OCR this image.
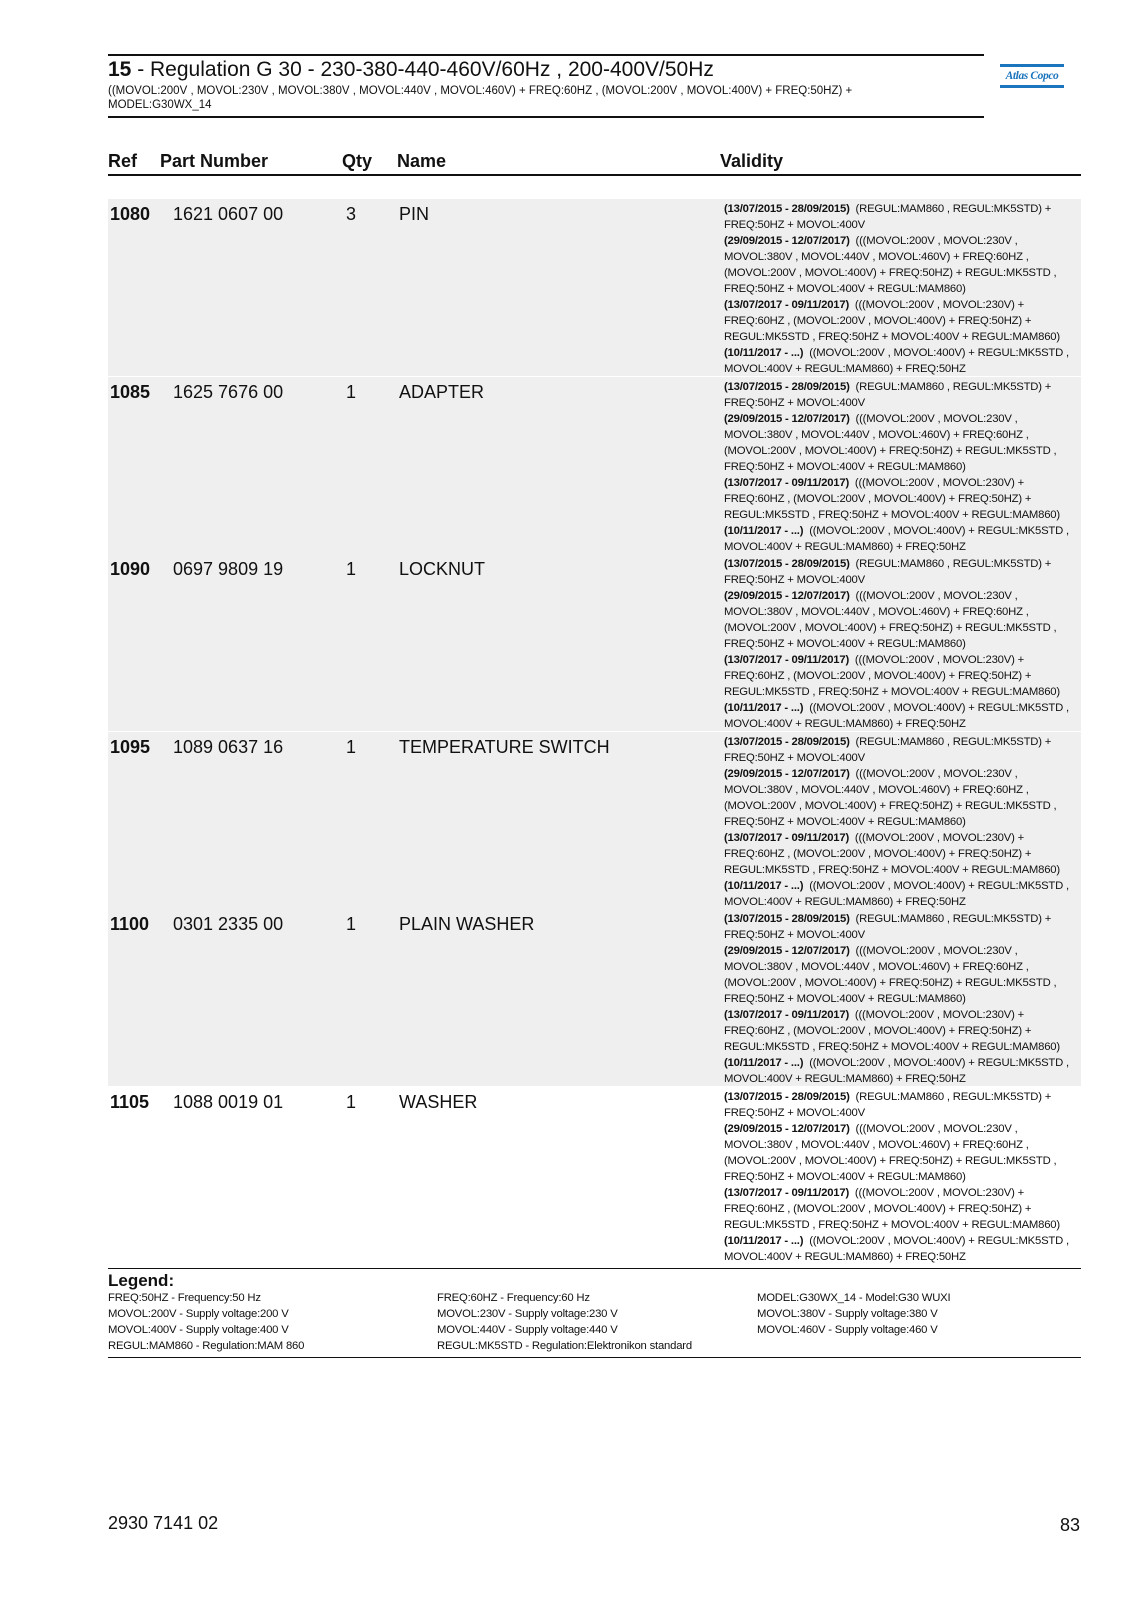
15 - Regulation G 30 - 230-380-440-460V/60Hz , 200-400V/50Hz
((MOVOL:200V , MOVOL:230V , MOVOL:380V , MOVOL:440V , MOVOL:460V) + FREQ:60HZ , (MOVOL:200V , MOVOL:400V) + FREQ:50HZ) + MODEL:G30WX_14
Atlas Copco
Ref Part Number	Qty Name	Validity
1080 1621 0607 00	3 PIN	(13/07/2015 - 28/09/2015) (REGUL:MAM860 , REGUL:MK5STD) + FREQ:50HZ + MOVOL:400V
(29/09/2015 - 12/07/2017) (((MOVOL:200V , MOVOL:230V , MOVOL:380V , MOVOL:440V , MOVOL:460V) + FREQ:60HZ , (MOVOL:200V , MOVOL:400V) + FREQ:50HZ) + REGUL:MK5STD , FREQ:50HZ + MOVOL:400V + REGUL:MAM860)
(13/07/2017 - 09/11/2017) (((MOVOL:200V , MOVOL:230V) + FREQ:60HZ , (MOVOL:200V , MOVOL:400V) + FREQ:50HZ) + REGUL:MK5STD , FREQ:50HZ + MOVOL:400V + REGUL:MAM860)
(10/11/2017 - ...) ((MOVOL:200V , MOVOL:400V) + REGUL:MK5STD , MOVOL:400V + REGUL:MAM860) + FREQ:50HZ
1085 1625 7676 00	1 ADAPTER	(13/07/2015 - 28/09/2015) (REGUL:MAM860 , REGUL:MK5STD) + FREQ:50HZ + MOVOL:400V
(29/09/2015 - 12/07/2017) (((MOVOL:200V , MOVOL:230V , MOVOL:380V , MOVOL:440V , MOVOL:460V) + FREQ:60HZ , (MOVOL:200V , MOVOL:400V) + FREQ:50HZ) + REGUL:MK5STD , FREQ:50HZ + MOVOL:400V + REGUL:MAM860)
(13/07/2017 - 09/11/2017) (((MOVOL:200V , MOVOL:230V) + FREQ:60HZ , (MOVOL:200V , MOVOL:400V) + FREQ:50HZ) + REGUL:MK5STD , FREQ:50HZ + MOVOL:400V + REGUL:MAM860)
(10/11/2017 - ...) ((MOVOL:200V , MOVOL:400V) + REGUL:MK5STD , MOVOL:400V + REGUL:MAM860) + FREQ:50HZ
1090 0697 9809 19	1 LOCKNUT	(13/07/2015 - 28/09/2015) (REGUL:MAM860 , REGUL:MK5STD) + FREQ:50HZ + MOVOL:400V
(29/09/2015 - 12/07/2017) (((MOVOL:200V , MOVOL:230V , MOVOL:380V , MOVOL:440V , MOVOL:460V) + FREQ:60HZ , (MOVOL:200V , MOVOL:400V) + FREQ:50HZ) + REGUL:MK5STD , FREQ:50HZ + MOVOL:400V + REGUL:MAM860)
(13/07/2017 - 09/11/2017) (((MOVOL:200V , MOVOL:230V) + FREQ:60HZ , (MOVOL:200V , MOVOL:400V) + FREQ:50HZ) + REGUL:MK5STD , FREQ:50HZ + MOVOL:400V + REGUL:MAM860)
(10/11/2017 - ...) ((MOVOL:200V , MOVOL:400V) + REGUL:MK5STD , MOVOL:400V + REGUL:MAM860) + FREQ:50HZ
1095 1089 0637 16	1 TEMPERATURE SWITCH	(13/07/2015 - 28/09/2015) (REGUL:MAM860 , REGUL:MK5STD) + FREQ:50HZ + MOVOL:400V
(29/09/2015 - 12/07/2017) (((MOVOL:200V , MOVOL:230V , MOVOL:380V , MOVOL:440V , MOVOL:460V) + FREQ:60HZ , (MOVOL:200V , MOVOL:400V) + FREQ:50HZ) + REGUL:MK5STD , FREQ:50HZ + MOVOL:400V + REGUL:MAM860)
(13/07/2017 - 09/11/2017) (((MOVOL:200V , MOVOL:230V) + FREQ:60HZ , (MOVOL:200V , MOVOL:400V) + FREQ:50HZ) + REGUL:MK5STD , FREQ:50HZ + MOVOL:400V + REGUL:MAM860)
(10/11/2017 - ...) ((MOVOL:200V , MOVOL:400V) + REGUL:MK5STD , MOVOL:400V + REGUL:MAM860) + FREQ:50HZ
1100 0301 2335 00	1 PLAIN WASHER	(13/07/2015 - 28/09/2015) (REGUL:MAM860 , REGUL:MK5STD) + FREQ:50HZ + MOVOL:400V
(29/09/2015 - 12/07/2017) (((MOVOL:200V , MOVOL:230V , MOVOL:380V , MOVOL:440V , MOVOL:460V) + FREQ:60HZ , (MOVOL:200V , MOVOL:400V) + FREQ:50HZ) + REGUL:MK5STD , FREQ:50HZ + MOVOL:400V + REGUL:MAM860)
(13/07/2017 - 09/11/2017) (((MOVOL:200V , MOVOL:230V) + FREQ:60HZ , (MOVOL:200V , MOVOL:400V) + FREQ:50HZ) + REGUL:MK5STD , FREQ:50HZ + MOVOL:400V + REGUL:MAM860)
(10/11/2017 - ...) ((MOVOL:200V , MOVOL:400V) + REGUL:MK5STD , MOVOL:400V + REGUL:MAM860) + FREQ:50HZ
1105 1088 0019 01	1 WASHER	(13/07/2015 - 28/09/2015) (REGUL:MAM860 , REGUL:MK5STD) + FREQ:50HZ + MOVOL:400V
(29/09/2015 - 12/07/2017) (((MOVOL:200V , MOVOL:230V , MOVOL:380V , MOVOL:440V , MOVOL:460V) + FREQ:60HZ , (MOVOL:200V , MOVOL:400V) + FREQ:50HZ) + REGUL:MK5STD , FREQ:50HZ + MOVOL:400V + REGUL:MAM860)
(13/07/2017 - 09/11/2017) (((MOVOL:200V , MOVOL:230V) + FREQ:60HZ , (MOVOL:200V , MOVOL:400V) + FREQ:50HZ) + REGUL:MK5STD , FREQ:50HZ + MOVOL:400V + REGUL:MAM860)
(10/11/2017 - ...) ((MOVOL:200V , MOVOL:400V) + REGUL:MK5STD , MOVOL:400V + REGUL:MAM860) + FREQ:50HZ
Legend:
FREQ:50HZ - Frequency:50 Hz
MOVOL:200V - Supply voltage:200 V
MOVOL:400V - Supply voltage:400 V
REGUL:MAM860 - Regulation:MAM 860
FREQ:60HZ - Frequency:60 Hz
MOVOL:230V - Supply voltage:230 V
MOVOL:440V - Supply voltage:440 V
REGUL:MK5STD - Regulation:Elektronikon standard
MODEL:G30WX_14 - Model:G30 WUXI
MOVOL:380V - Supply voltage:380 V
MOVOL:460V - Supply voltage:460 V
2930 7141 02	83
